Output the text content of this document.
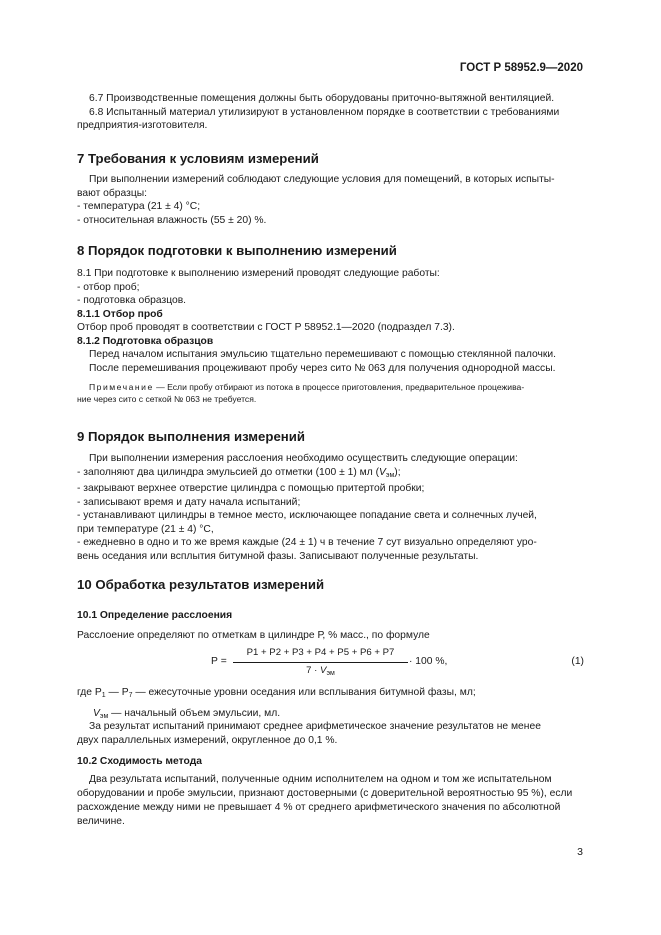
ГОСТ Р 58952.9—2020

6.7 Производственные помещения должны быть оборудованы приточно-вытяжной вентиляцией.

6.8 Испытанный материал утилизируют в установленном порядке в соответствии с требованиями

предприятия-изготовителя.

7 Требования к условиям измерений

При выполнении измерений соблюдают следующие условия для помещений, в которых испыты-

вают образцы:

- температура (21 ± 4) °С;

- относительная влажность (55 ± 20) %.

8 Порядок подготовки к выполнению измерений

8.1 При подготовке к выполнению измерений проводят следующие работы:

- отбор проб;

- подготовка образцов.

8.1.1 Отбор проб

Отбор проб проводят в соответствии с ГОСТ Р 58952.1—2020 (подраздел 7.3).

8.1.2 Подготовка образцов

Перед началом испытания эмульсию тщательно перемешивают с помощью стеклянной палочки.

После перемешивания процеживают пробу через сито № 063 для получения однородной массы.

Примечание — Если пробу отбирают из потока в процессе приготовления, предварительное процежива-

ние через сито с сеткой № 063 не требуется.

9 Порядок выполнения измерений

При выполнении измерения расслоения необходимо осуществить следующие операции:

- заполняют два цилиндра эмульсией до отметки (100 ± 1) мл $(V_{эм})$;

- закрывают верхнее отверстие цилиндра с помощью притертой пробки;

- записывают время и дату начала испытаний;

- устанавливают цилиндры в темное место, исключающее попадание света и солнечных лучей,

при температуре (21 ± 4) °С,

- ежедневно в одно и то же время каждые (24 ± 1) ч в течение 7 сут визуально определяют уро-

вень оседания или всплытия битумной фазы. Записывают полученные результаты.

10 Обработка результатов измерений

10.1 Определение расслоения

Расслоение определяют по отметкам в цилиндре Р, % масс., по формуле

Р =
Р1 + Р2 + Р3 + Р4 + Р5 + Р6 + Р7
$7 \cdot V_{эм}$
· 100 %,	(1)

где $Р_1$ — $Р_7$ — ежесуточные уровни оседания или всплывания битумной фазы, мл;

$V_{эм}$ — начальный объем эмульсии, мл.

За результат испытаний принимают среднее арифметическое значение результатов не менее

двух параллельных измерений, округленное до 0,1 %.

10.2 Сходимость метода

Два результата испытаний, полученные одним исполнителем на одном и том же испытательном

оборудовании и пробе эмульсии, признают достоверными (с доверительной вероятностью 95 %), если

расхождение между ними не превышает 4 % от среднего арифметического значения по абсолютной

величине.

3
